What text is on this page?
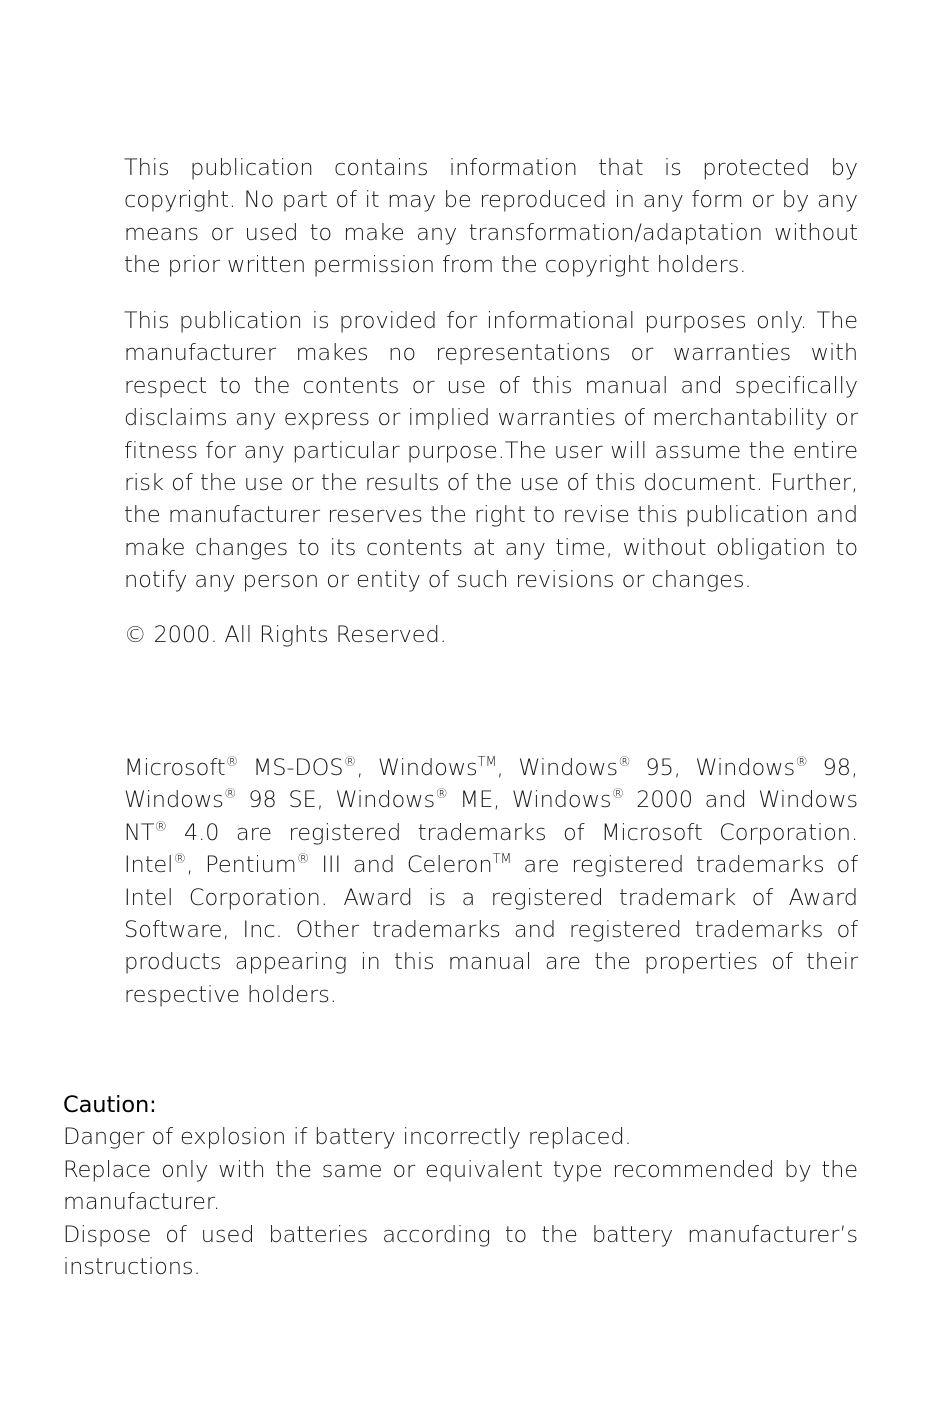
This publication contains information that is protected by copyright. No part of it may be reproduced in any form or by any means or used to make any transformation/adaptation without the prior written permission from the copyright holders.

This publication is provided for informational purposes only. The manufacturer makes no representations or warranties with respect to the contents or use of this manual and specifically disclaims any express or implied warranties of merchantability or fitness for any particular purpose.The user will assume the entire risk of the use or the results of the use of this document. Further, the manufacturer reserves the right to revise this publication and make changes to its contents at any time, without obligation to notify any person or entity of such revisions or changes.

© 2000. All Rights Reserved.

Microsoft® MS-DOS®, Windows™, Windows® 95, Windows® 98, Windows® 98 SE, Windows® ME, Windows® 2000 and Windows NT® 4.0 are registered trademarks of Microsoft Corporation. Intel®, Pentium® III and Celeron™ are registered trademarks of Intel Corporation. Award is a registered trademark of Award Software, Inc. Other trademarks and registered trademarks of products appearing in this manual are the properties of their respective holders.

Caution:
Danger of explosion if battery incorrectly replaced.
Replace only with the same or equivalent type recommended by the manufacturer.
Dispose of used batteries according to the battery manufacturer’s instructions.
